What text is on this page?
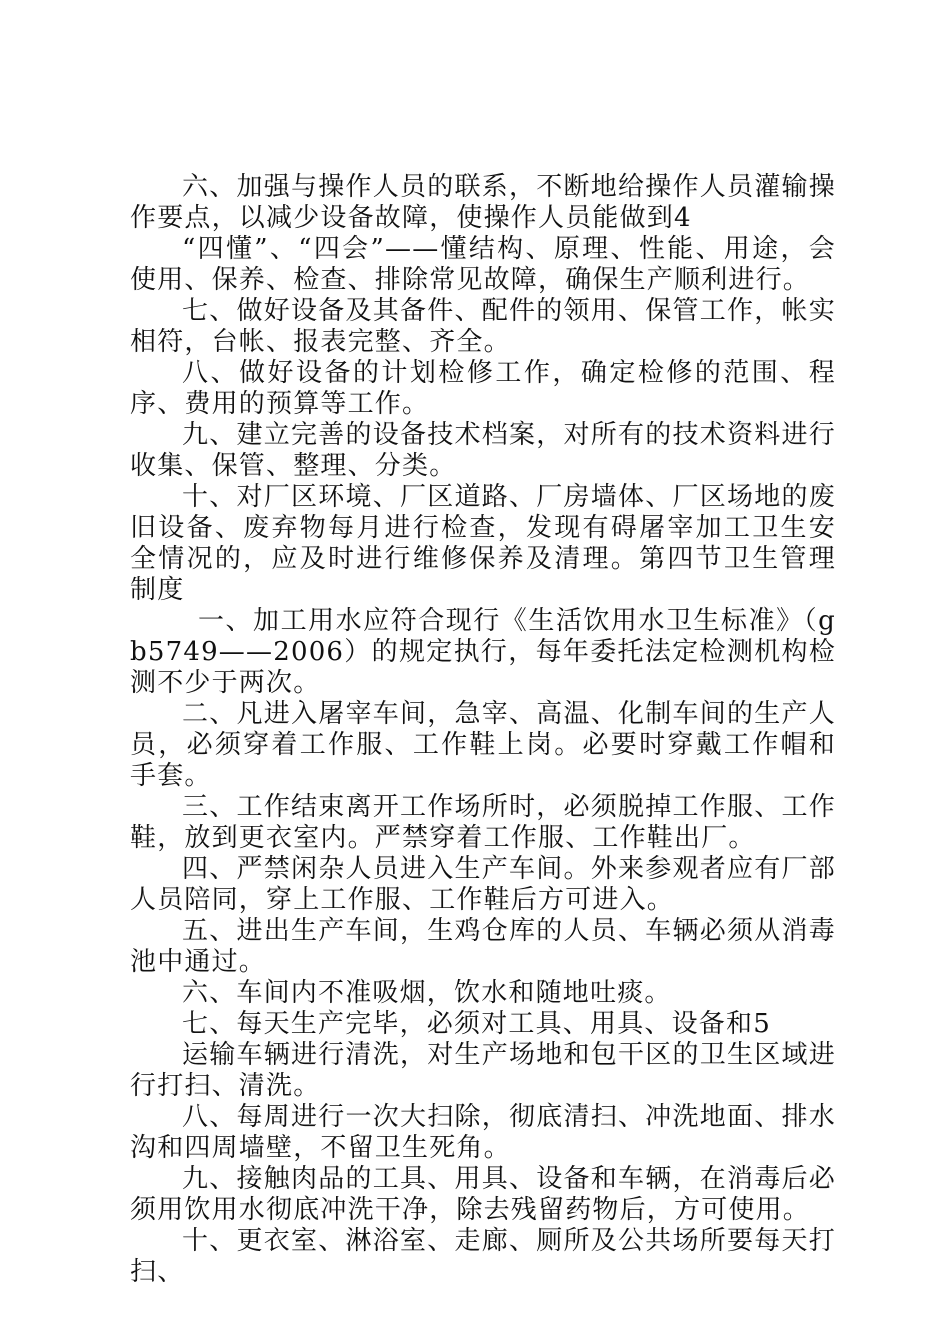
六、加强与操作人员的联系，不断地给操作人员灌输操作要点，以减少设备故障，使操作人员能做到4

“四懂”、“四会”——懂结构、原理、性能、用途，会使用、保养、检查、排除常见故障，确保生产顺利进行。

七、做好设备及其备件、配件的领用、保管工作，帐实相符，台帐、报表完整、齐全。

八、做好设备的计划检修工作，确定检修的范围、程序、费用的预算等工作。

九、建立完善的设备技术档案，对所有的技术资料进行收集、保管、整理、分类。

十、对厂区环境、厂区道路、厂房墙体、厂区场地的废旧设备、废弃物每月进行检查，发现有碍屠宰加工卫生安全情况的，应及时进行维修保养及清理。第四节卫生管理制度

一、加工用水应符合现行《生活饮用水卫生标准》（gb5749——2006）的规定执行，每年委托法定检测机构检测不少于两次。

二、凡进入屠宰车间，急宰、高温、化制车间的生产人员，必须穿着工作服、工作鞋上岗。必要时穿戴工作帽和手套。

三、工作结束离开工作场所时，必须脱掉工作服、工作鞋，放到更衣室内。严禁穿着工作服、工作鞋出厂。

四、严禁闲杂人员进入生产车间。外来参观者应有厂部人员陪同，穿上工作服、工作鞋后方可进入。

五、进出生产车间，生鸡仓库的人员、车辆必须从消毒池中通过。

六、车间内不准吸烟，饮水和随地吐痰。

七、每天生产完毕，必须对工具、用具、设备和5

运输车辆进行清洗，对生产场地和包干区的卫生区域进行打扫、清洗。

八、每周进行一次大扫除，彻底清扫、冲洗地面、排水沟和四周墙壁，不留卫生死角。

九、接触肉品的工具、用具、设备和车辆，在消毒后必须用饮用水彻底冲洗干净，除去残留药物后，方可使用。

十、更衣室、淋浴室、走廊、厕所及公共场所要每天打扫、
